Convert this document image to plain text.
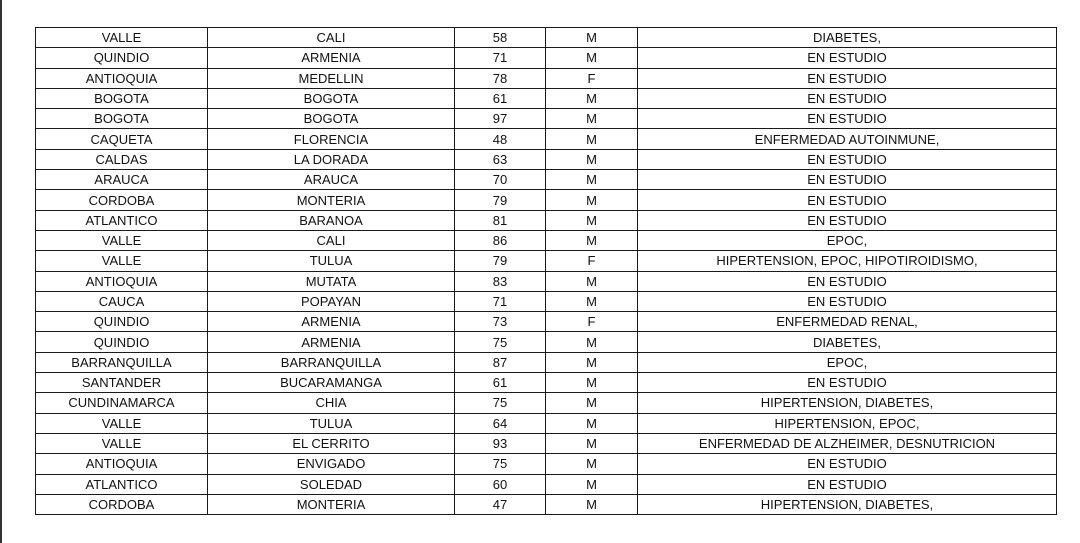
VALLE	CALI	58	M	DIABETES,
QUINDIO	ARMENIA	71	M	EN ESTUDIO
ANTIOQUIA	MEDELLIN	78	F	EN ESTUDIO
BOGOTA	BOGOTA	61	M	EN ESTUDIO
BOGOTA	BOGOTA	97	M	EN ESTUDIO
CAQUETA	FLORENCIA	48	M	ENFERMEDAD AUTOINMUNE,
CALDAS	LA DORADA	63	M	EN ESTUDIO
ARAUCA	ARAUCA	70	M	EN ESTUDIO
CORDOBA	MONTERIA	79	M	EN ESTUDIO
ATLANTICO	BARANOA	81	M	EN ESTUDIO
VALLE	CALI	86	M	EPOC,
VALLE	TULUA	79	F	HIPERTENSION, EPOC, HIPOTIROIDISMO,
ANTIOQUIA	MUTATA	83	M	EN ESTUDIO
CAUCA	POPAYAN	71	M	EN ESTUDIO
QUINDIO	ARMENIA	73	F	ENFERMEDAD RENAL,
QUINDIO	ARMENIA	75	M	DIABETES,
BARRANQUILLA	BARRANQUILLA	87	M	EPOC,
SANTANDER	BUCARAMANGA	61	M	EN ESTUDIO
CUNDINAMARCA	CHIA	75	M	HIPERTENSION, DIABETES,
VALLE	TULUA	64	M	HIPERTENSION, EPOC,
VALLE	EL CERRITO	93	M	ENFERMEDAD DE ALZHEIMER, DESNUTRICION
ANTIOQUIA	ENVIGADO	75	M	EN ESTUDIO
ATLANTICO	SOLEDAD	60	M	EN ESTUDIO
CORDOBA	MONTERIA	47	M	HIPERTENSION, DIABETES,
